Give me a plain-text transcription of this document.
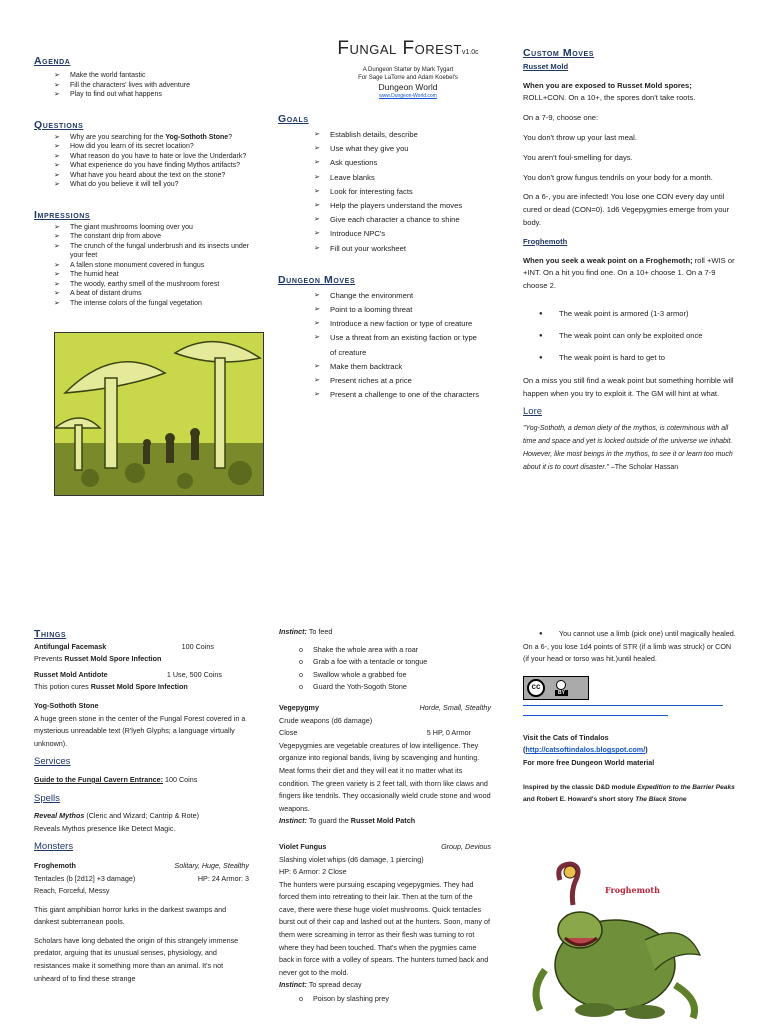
Agenda
➢ Make the world fantastic
➢ Fill the characters' lives with adventure
➢ Play to find out what happens
Questions
➢ Why are you searching for the Yog-Sothoth Stone?
➢ How did you learn of its secret location?
➢ What reason do you have to hate or love the Underdark?
➢ What experience do you have finding Mythos artifacts?
➢ What have you heard about the text on the stone?
➢ What do you believe it will tell you?
Impressions
➢ The giant mushrooms looming over you
➢ The constant drip from above
➢ The crunch of the fungal underbrush and its insects under your feet
➢ A fallen stone monument covered in fungus
➢ The humid heat
➢ The woody, earthy smell of the mushroom forest
➢ A beat of distant drums
➢ The intense colors of the fungal vegetation
Fungal Forestv1.0c
A Dungeon Starter by Mark Tygart
For Sage LaTorre and Adam Koebel's
Dungeon World
www.Dungeon-World.com
Goals
➢ Establish details, describe
➢ Use what they give you
➢ Ask questions
➢ Leave blanks
➢ Look for interesting facts
➢ Help the players understand the moves
➢ Give each character a chance to shine
➢ Introduce NPC's
➢ Fill out your worksheet
Dungeon Moves
➢ Change the environment
➢ Point to a looming threat
➢ Introduce a new faction or type of creature
➢ Use a threat from an existing faction or type of creature
➢ Make them backtrack
➢ Present riches at a price
➢ Present a challenge to one of the characters
Custom Moves

Russet Mold

When you are exposed to Russet Mold spores;

ROLL+CON. On a 10+, the spores don't take roots.

On a 7-9, choose one:

You don't throw up your last meal.

You aren't foul-smelling for days.

You don't grow fungus tendrils on your body for a month.

On a 6-, you are infected! You lose one CON every day until cured or dead (CON=0). 1d6 Vegepygmies emerge from your body.

Froghemoth

When you seek a weak point on a Froghemoth; roll +WIS or +INT. On a hit you find one. On a 10+ choose 1. On a 7-9 choose 2.

● The weak point is armored (1-3 armor)
● The weak point can only be exploited once
● The weak point is hard to get to

On a miss you still find a weak point but something horrible will happen when you try to exploit it. The GM will hint at what.

Lore

"Yog-Sothoth, a demon diety of the mythos, is coterminous with all time and space and yet is locked outside of the universe we inhabit. However, like most beings in the mythos, to see it or learn too much about it is to court disaster." –The Scholar Hassan

Things
Antifungal Facemask	100 Coins

Prevents Russet Mold Spore Infection

Russet Mold Antidote	1 Use, 500 Coins

This potion cures Russet Mold Spore Infection

Yog-Sothoth Stone

A huge green stone in the center of the Fungal Forest covered in a mysterious unreadable text (R'lyeh Glyphs; a language virtually unknown).

Services

Guide to the Fungal Cavern Entrance: 100 Coins

Spells

Reveal Mythos (Cleric and Wizard; Cantrip & Rote)

Reveals Mythos presence like Detect Magic.

Monsters

Froghemoth	Solitary, Huge, Stealthy
Tentacles (b [2d12] +3 damage)	HP: 24 Armor: 3

Reach, Forceful, Messy

This giant amphibian horror lurks in the darkest swamps and dankest subterranean pools.

Scholars have long debated the origin of this strangely immense predator, arguing that its unusual senses, physiology, and resistances make it something more than an animal. It's not unheard of to find these strange

Instinct: To feed

o Shake the whole area with a roar
o Grab a foe with a tentacle or tongue
o Swallow whole a grabbed foe
o Guard the Yoth-Sogoth Stone
Vegepygmy	Horde, Small, Stealthy

Crude weapons (d6 damage)

Close	5 HP, 0 Armor

Vegepygmies are vegetable creatures of low intelligence. They organize into regional bands, living by scavenging and hunting. Meat forms their diet and they will eat it no matter what its condition. The green variety is 2 feet tall, with thorn like claws and fingers like tendrils. They occasionally wield crude stone and wood weapons.

Instinct: To guard the Russet Mold Patch

Violet Fungus	Group, Devious

Slashing violet whips (d6 damage, 1 piercing)

HP: 6 Armor: 2 Close

The hunters were pursuing escaping vegepygmies. They had forced them into retreating to their lair. Then at the turn of the cave, there were these huge violet mushrooms. Quick tentacles burst out of their cap and lashed out at the hunters. Soon, many of them were screaming in terror as their flesh was turning to rot where they had been touched. That's when the pygmies came back in force with a volley of spears. The hunters turned back and never got to the mold.

Instinct: To spread decay

o Poison by slashing prey
● You cannot use a limb (pick one) until magically healed.

On a 6-, you lose 1d4 points of STR (if a limb was struck) or CON (if your head or torso was hit.)until healed.

cc
BY

Visit the Cats of Tindalos

(http://catsoftindalos.blogspot.com/)

For more free Dungeon World material

Inspired by the classic D&D module Expedition to the Barrier Peaks and Robert E. Howard's short story The Black Stone

Froghemoth
